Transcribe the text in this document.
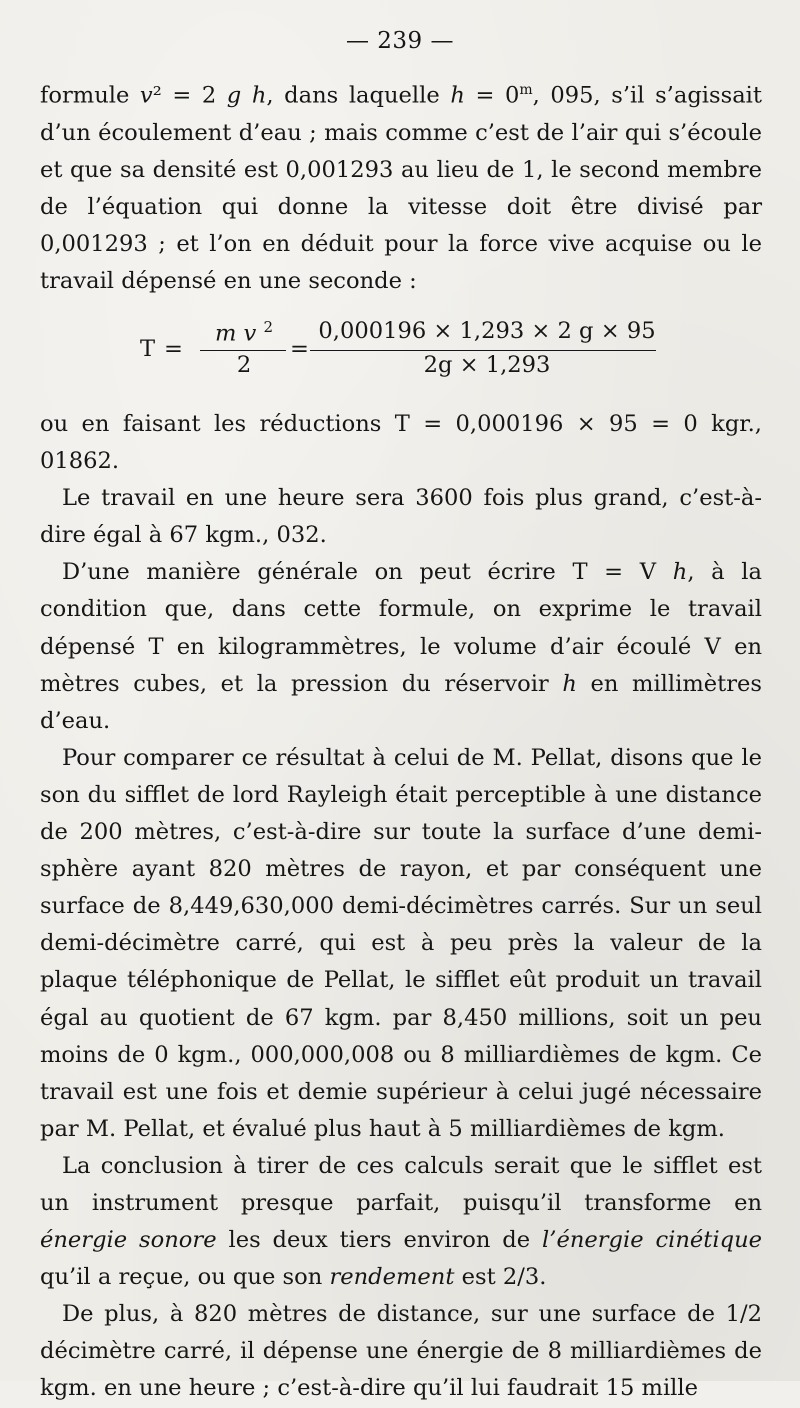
— 239 —

formule v² = 2 g h, dans laquelle $h = 0^m$, 095, s’il s’agissait d’un écoulement d’eau ; mais comme c’est de l’air qui s’écoule et que sa densité est 0,001293 au lieu de 1, le second membre de l’équation qui donne la vitesse doit être divisé par 0,001293 ; et l’on en déduit pour la force vive acquise ou le travail dépensé en une seconde :

T =
m v $^2$
2
=
0,000196 × 1,293 × 2 g × 95
2g × 1,293

ou en faisant les réductions T = 0,000196 × 95 = 0 kgr., 01862.

Le travail en une heure sera 3600 fois plus grand, c’est-à-dire égal à 67 kgm., 032.

D’une manière générale on peut écrire T = V h, à la condition que, dans cette formule, on exprime le travail dépensé T en kilogrammètres, le volume d’air écoulé V en mètres cubes, et la pression du réservoir h en millimètres d’eau.

Pour comparer ce résultat à celui de M. Pellat, disons que le son du sifflet de lord Rayleigh était perceptible à une distance de 200 mètres, c’est-à-dire sur toute la surface d’une demi-sphère ayant 820 mètres de rayon, et par conséquent une surface de 8,449,630,000 demi-décimètres carrés. Sur un seul demi-décimètre carré, qui est à peu près la valeur de la plaque téléphonique de Pellat, le sifflet eût produit un travail égal au quotient de 67 kgm. par 8,450 millions, soit un peu moins de 0 kgm., 000,000,008 ou 8 milliardièmes de kgm. Ce travail est une fois et demie supérieur à celui jugé nécessaire par M. Pellat, et évalué plus haut à 5 milliardièmes de kgm.

La conclusion à tirer de ces calculs serait que le sifflet est un instrument presque parfait, puisqu’il transforme en énergie sonore les deux tiers environ de l’énergie cinétique qu’il a reçue, ou que son rendement est 2/3.

De plus, à 820 mètres de distance, sur une surface de 1/2 décimètre carré, il dépense une énergie de 8 milliardièmes de kgm. en une heure ; c’est-à-dire qu’il lui faudrait 15 mille
